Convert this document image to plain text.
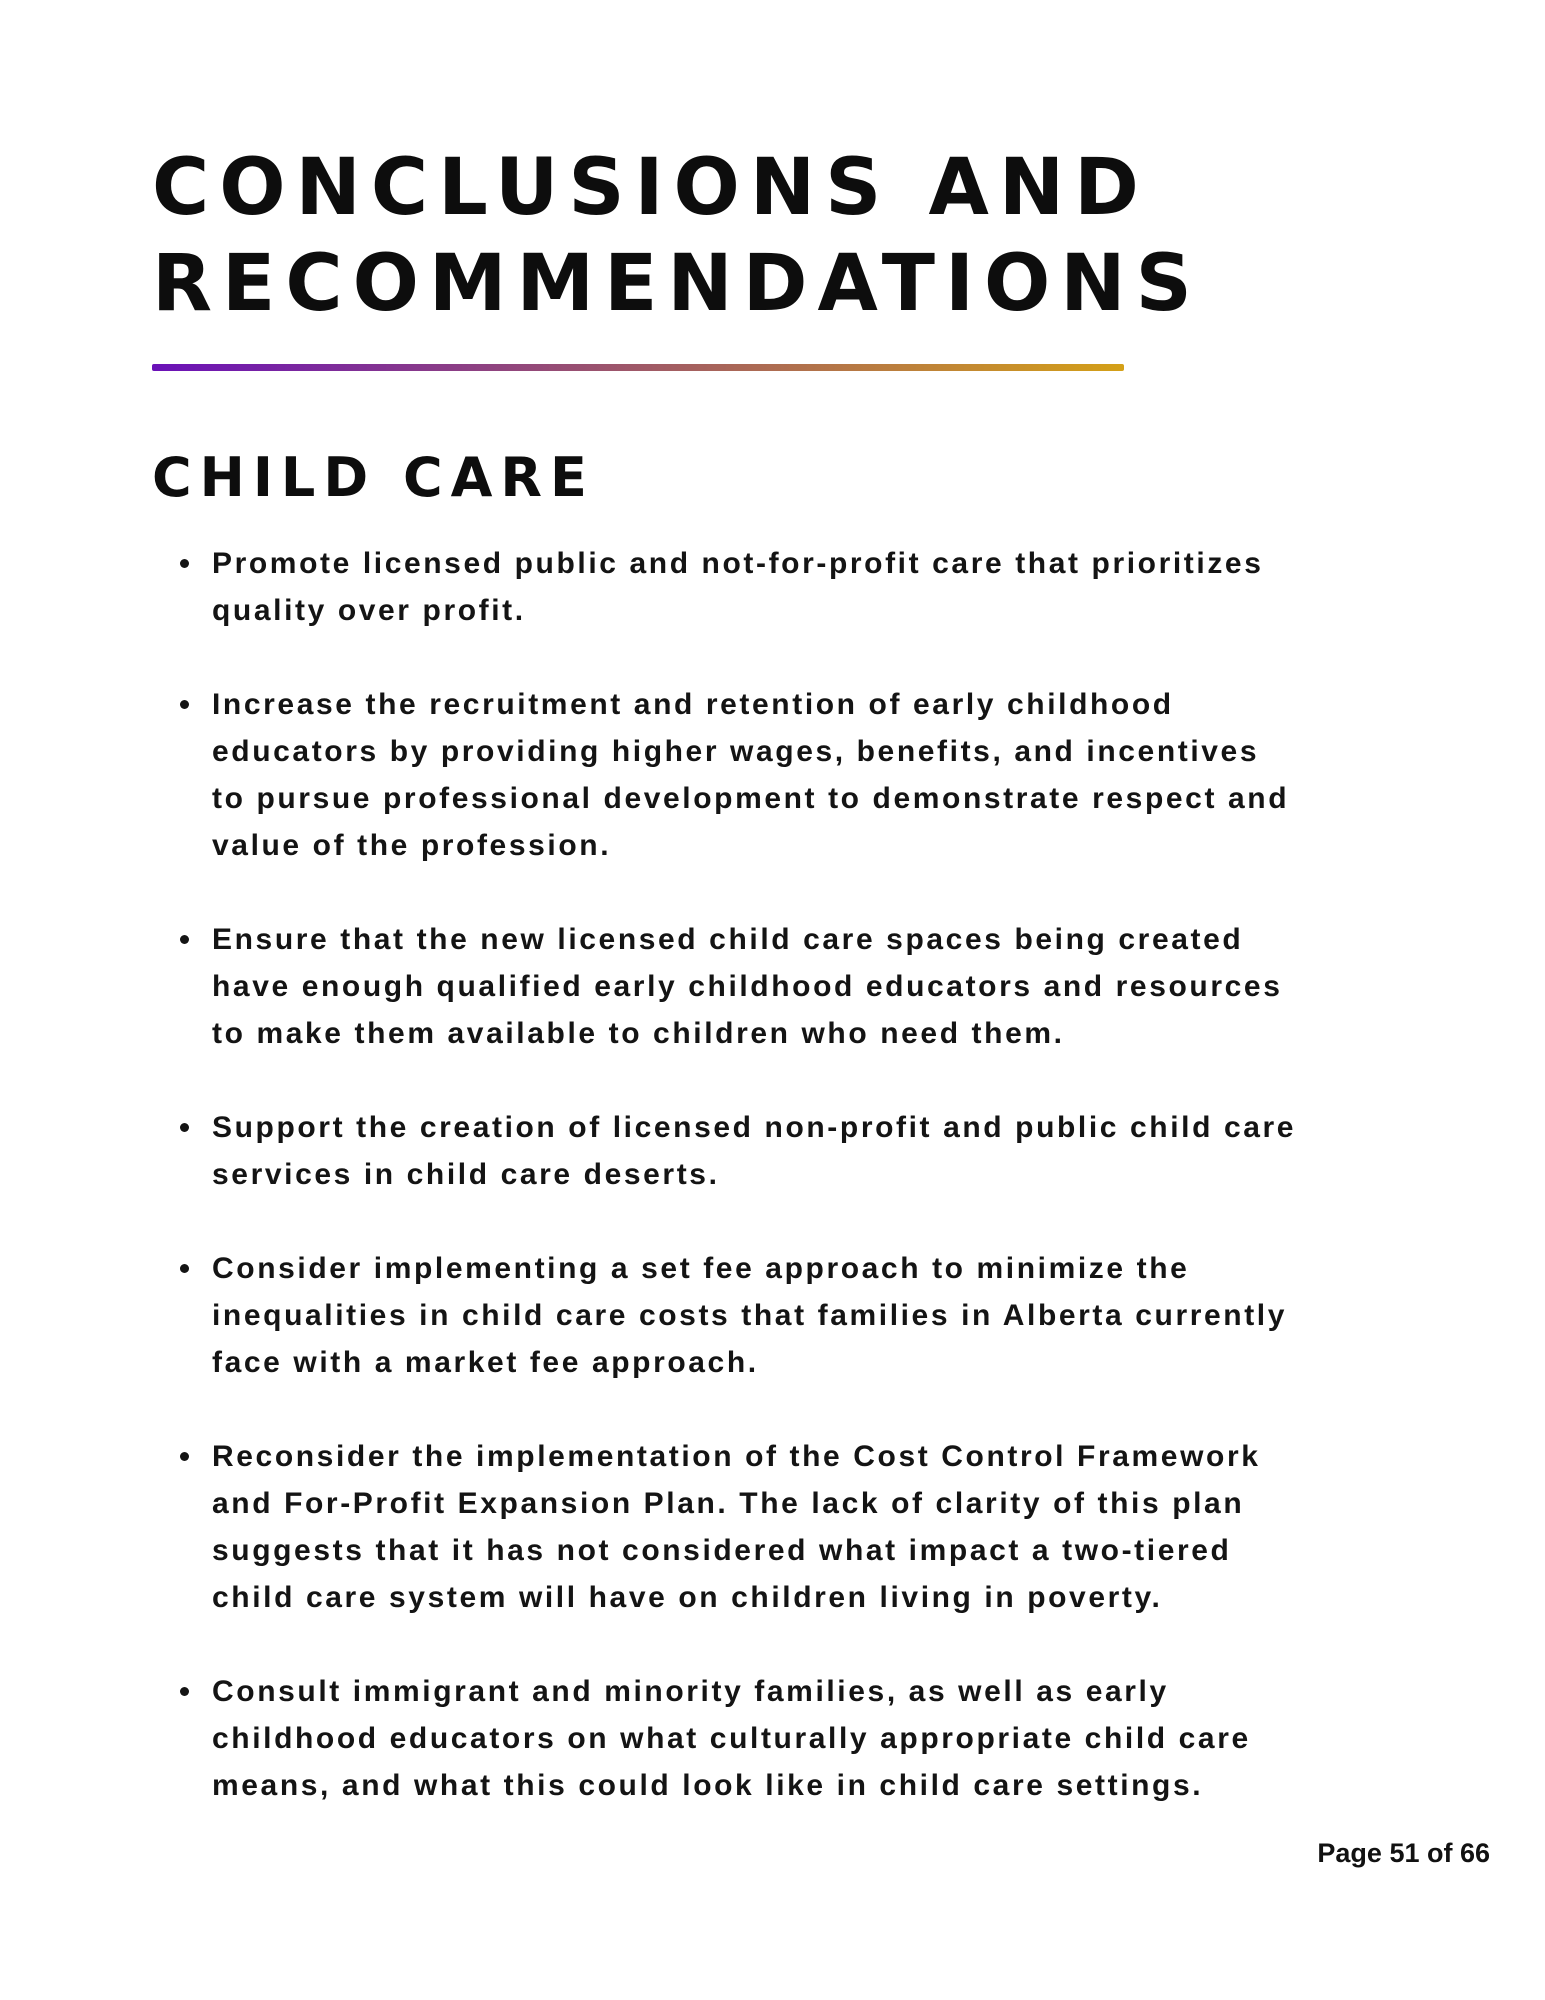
CONCLUSIONS AND
RECOMMENDATIONS
CHILD CARE
Promote licensed public and not-for-profit care that prioritizes
quality over profit.
Increase the recruitment and retention of early childhood
educators by providing higher wages, benefits, and incentives
to pursue professional development to demonstrate respect and
value of the profession.
Ensure that the new licensed child care spaces being created
have enough qualified early childhood educators and resources
to make them available to children who need them.
Support the creation of licensed non-profit and public child care
services in child care deserts.
Consider implementing a set fee approach to minimize the
inequalities in child care costs that families in Alberta currently
face with a market fee approach.
Reconsider the implementation of the Cost Control Framework
and For-Profit Expansion Plan. The lack of clarity of this plan
suggests that it has not considered what impact a two-tiered
child care system will have on children living in poverty.
Consult immigrant and minority families, as well as early
childhood educators on what culturally appropriate child care
means, and what this could look like in child care settings.
Page 51 of 66
